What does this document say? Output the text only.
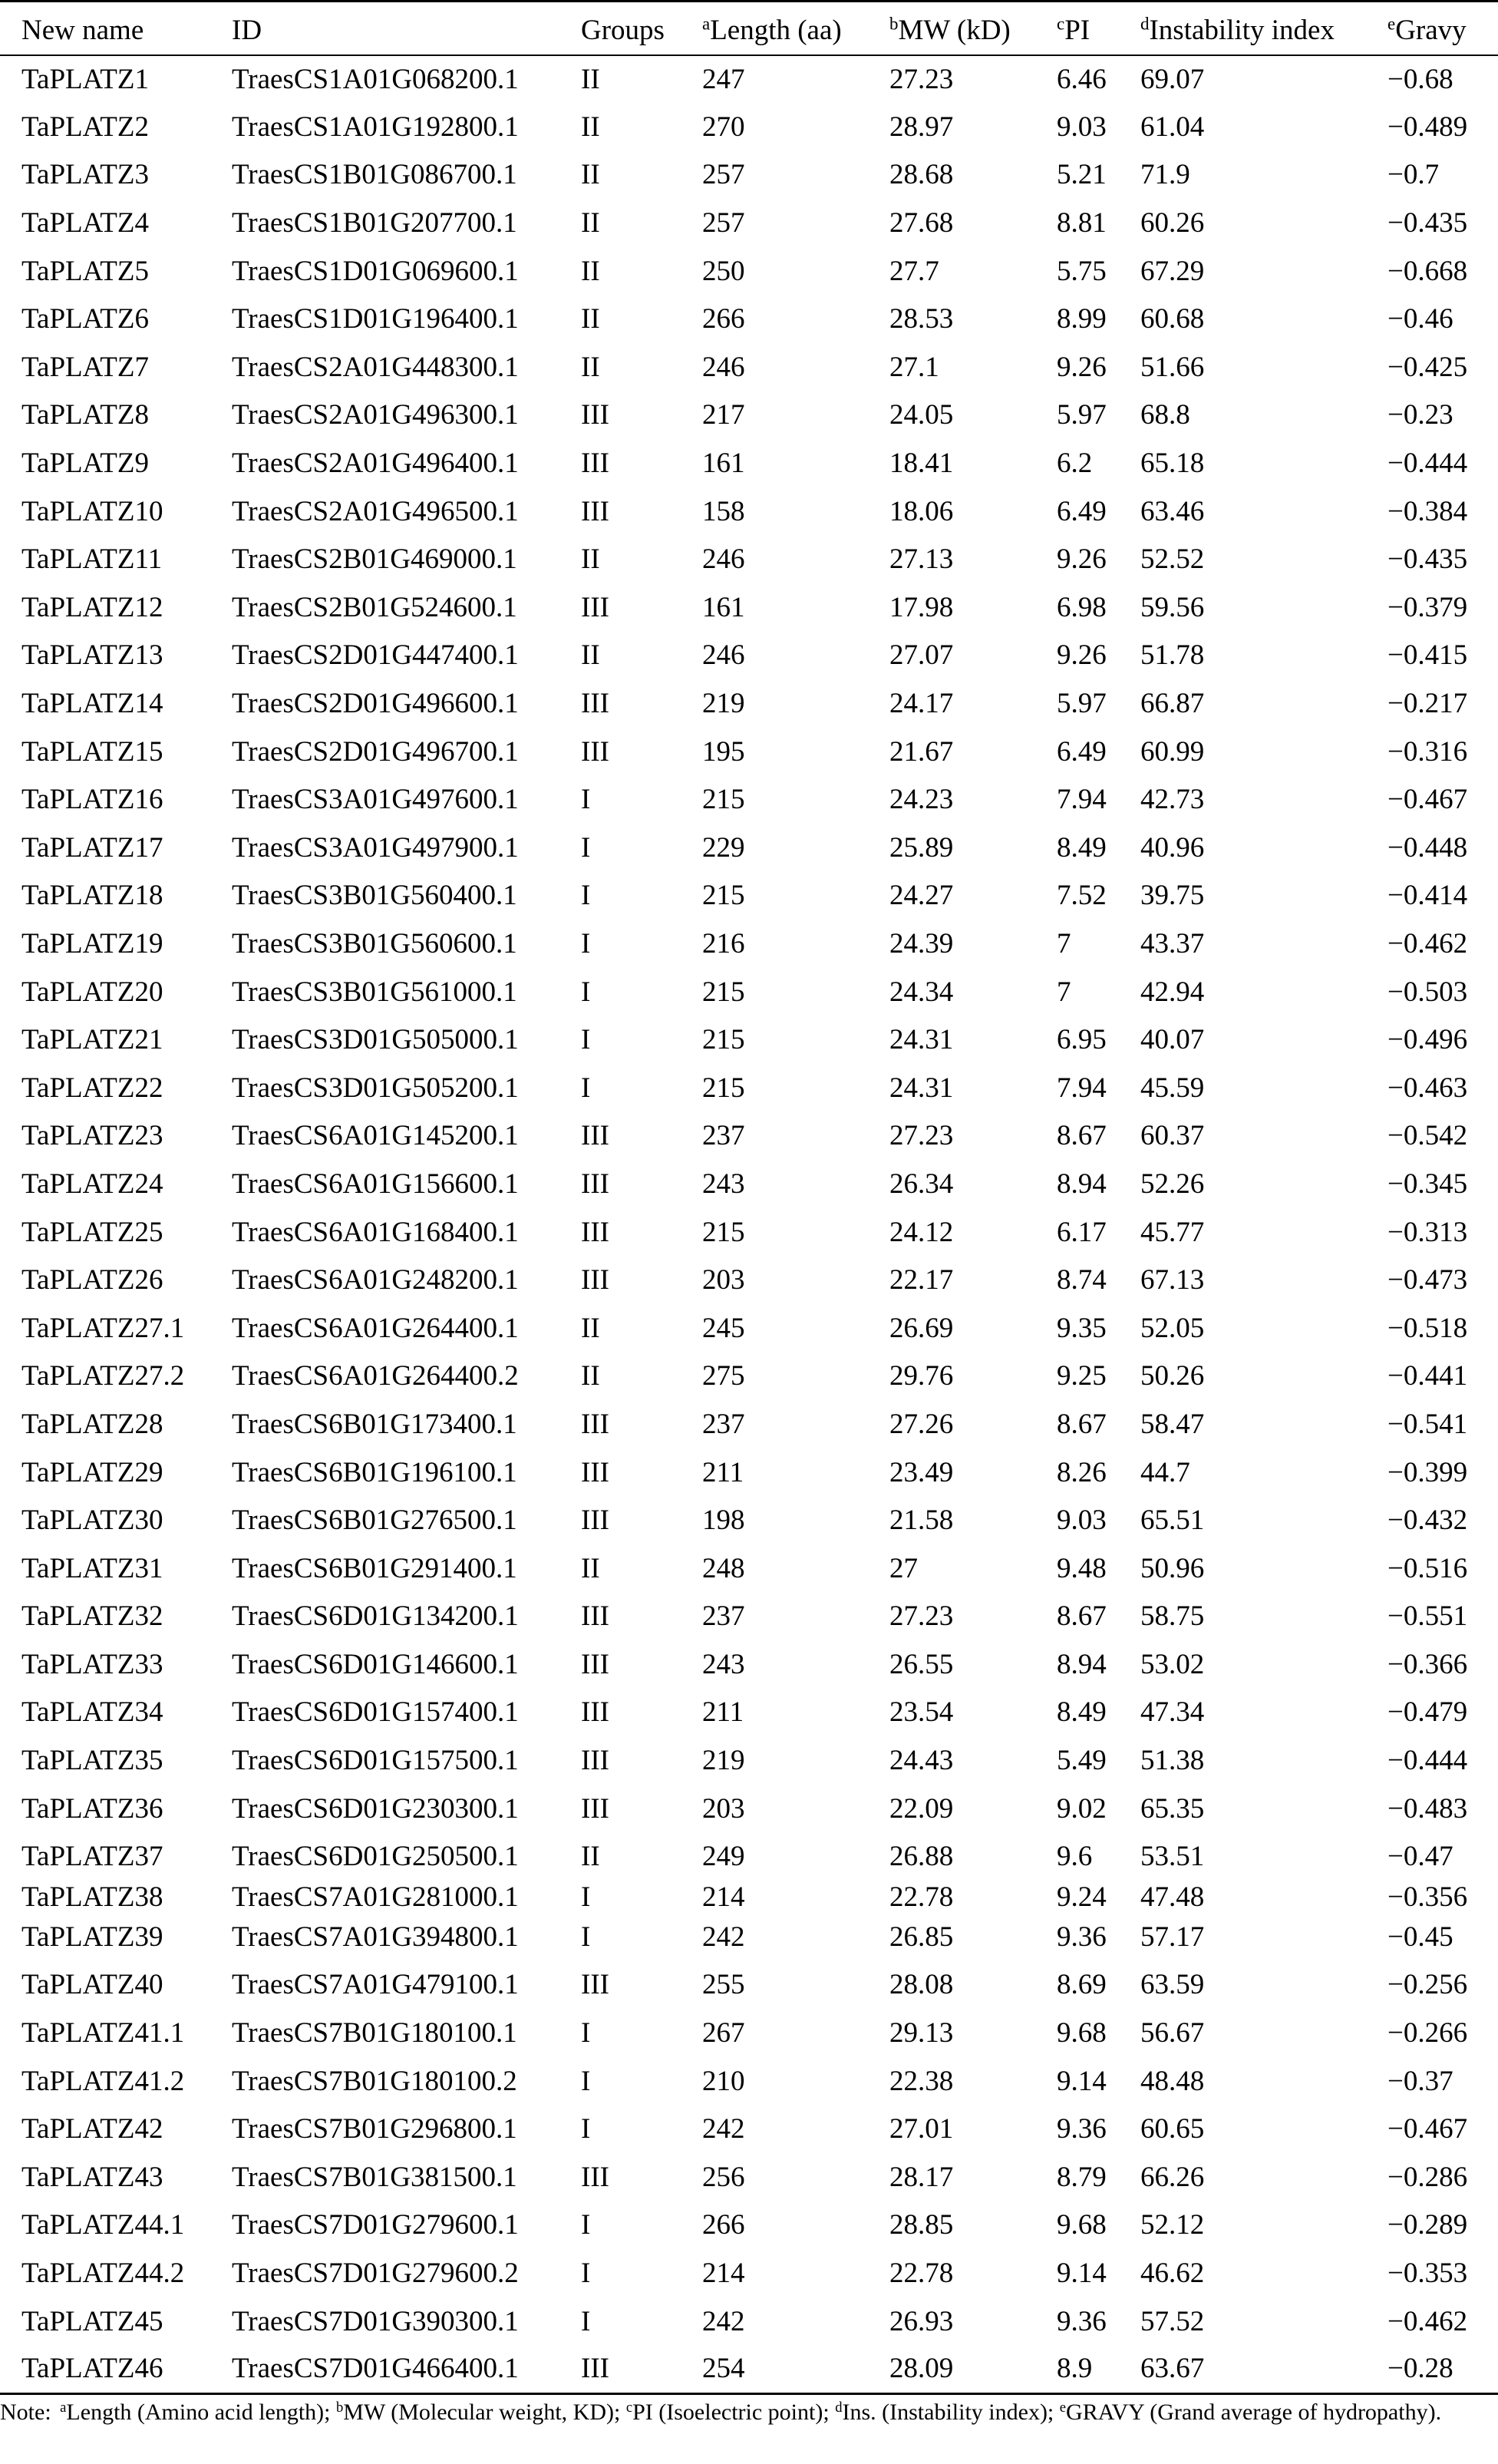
New name	ID	Groups	$^a$Length (aa)	$^b$MW (kD)	$^c$PI	$^d$Instability index	$^e$Gravy
TaPLATZ1	TraesCS1A01G068200.1	II	247	27.23	6.46	69.07	−0.68
TaPLATZ2	TraesCS1A01G192800.1	II	270	28.97	9.03	61.04	−0.489
TaPLATZ3	TraesCS1B01G086700.1	II	257	28.68	5.21	71.9	−0.7
TaPLATZ4	TraesCS1B01G207700.1	II	257	27.68	8.81	60.26	−0.435
TaPLATZ5	TraesCS1D01G069600.1	II	250	27.7	5.75	67.29	−0.668
TaPLATZ6	TraesCS1D01G196400.1	II	266	28.53	8.99	60.68	−0.46
TaPLATZ7	TraesCS2A01G448300.1	II	246	27.1	9.26	51.66	−0.425
TaPLATZ8	TraesCS2A01G496300.1	III	217	24.05	5.97	68.8	−0.23
TaPLATZ9	TraesCS2A01G496400.1	III	161	18.41	6.2	65.18	−0.444
TaPLATZ10	TraesCS2A01G496500.1	III	158	18.06	6.49	63.46	−0.384
TaPLATZ11	TraesCS2B01G469000.1	II	246	27.13	9.26	52.52	−0.435
TaPLATZ12	TraesCS2B01G524600.1	III	161	17.98	6.98	59.56	−0.379
TaPLATZ13	TraesCS2D01G447400.1	II	246	27.07	9.26	51.78	−0.415
TaPLATZ14	TraesCS2D01G496600.1	III	219	24.17	5.97	66.87	−0.217
TaPLATZ15	TraesCS2D01G496700.1	III	195	21.67	6.49	60.99	−0.316
TaPLATZ16	TraesCS3A01G497600.1	I	215	24.23	7.94	42.73	−0.467
TaPLATZ17	TraesCS3A01G497900.1	I	229	25.89	8.49	40.96	−0.448
TaPLATZ18	TraesCS3B01G560400.1	I	215	24.27	7.52	39.75	−0.414
TaPLATZ19	TraesCS3B01G560600.1	I	216	24.39	7	43.37	−0.462
TaPLATZ20	TraesCS3B01G561000.1	I	215	24.34	7	42.94	−0.503
TaPLATZ21	TraesCS3D01G505000.1	I	215	24.31	6.95	40.07	−0.496
TaPLATZ22	TraesCS3D01G505200.1	I	215	24.31	7.94	45.59	−0.463
TaPLATZ23	TraesCS6A01G145200.1	III	237	27.23	8.67	60.37	−0.542
TaPLATZ24	TraesCS6A01G156600.1	III	243	26.34	8.94	52.26	−0.345
TaPLATZ25	TraesCS6A01G168400.1	III	215	24.12	6.17	45.77	−0.313
TaPLATZ26	TraesCS6A01G248200.1	III	203	22.17	8.74	67.13	−0.473
TaPLATZ27.1	TraesCS6A01G264400.1	II	245	26.69	9.35	52.05	−0.518
TaPLATZ27.2	TraesCS6A01G264400.2	II	275	29.76	9.25	50.26	−0.441
TaPLATZ28	TraesCS6B01G173400.1	III	237	27.26	8.67	58.47	−0.541
TaPLATZ29	TraesCS6B01G196100.1	III	211	23.49	8.26	44.7	−0.399
TaPLATZ30	TraesCS6B01G276500.1	III	198	21.58	9.03	65.51	−0.432
TaPLATZ31	TraesCS6B01G291400.1	II	248	27	9.48	50.96	−0.516
TaPLATZ32	TraesCS6D01G134200.1	III	237	27.23	8.67	58.75	−0.551
TaPLATZ33	TraesCS6D01G146600.1	III	243	26.55	8.94	53.02	−0.366
TaPLATZ34	TraesCS6D01G157400.1	III	211	23.54	8.49	47.34	−0.479
TaPLATZ35	TraesCS6D01G157500.1	III	219	24.43	5.49	51.38	−0.444
TaPLATZ36	TraesCS6D01G230300.1	III	203	22.09	9.02	65.35	−0.483
TaPLATZ37	TraesCS6D01G250500.1	II	249	26.88	9.6	53.51	−0.47
TaPLATZ38	TraesCS7A01G281000.1	I	214	22.78	9.24	47.48	−0.356
TaPLATZ39	TraesCS7A01G394800.1	I	242	26.85	9.36	57.17	−0.45
TaPLATZ40	TraesCS7A01G479100.1	III	255	28.08	8.69	63.59	−0.256
TaPLATZ41.1	TraesCS7B01G180100.1	I	267	29.13	9.68	56.67	−0.266
TaPLATZ41.2	TraesCS7B01G180100.2	I	210	22.38	9.14	48.48	−0.37
TaPLATZ42	TraesCS7B01G296800.1	I	242	27.01	9.36	60.65	−0.467
TaPLATZ43	TraesCS7B01G381500.1	III	256	28.17	8.79	66.26	−0.286
TaPLATZ44.1	TraesCS7D01G279600.1	I	266	28.85	9.68	52.12	−0.289
TaPLATZ44.2	TraesCS7D01G279600.2	I	214	22.78	9.14	46.62	−0.353
TaPLATZ45	TraesCS7D01G390300.1	I	242	26.93	9.36	57.52	−0.462
TaPLATZ46	TraesCS7D01G466400.1	III	254	28.09	8.9	63.67	−0.28
Note: $^a$Length (Amino acid length); $^b$MW (Molecular weight, KD); $^c$PI (Isoelectric point); $^d$Ins. (Instability index); $^e$GRAVY (Grand average of hydropathy).
